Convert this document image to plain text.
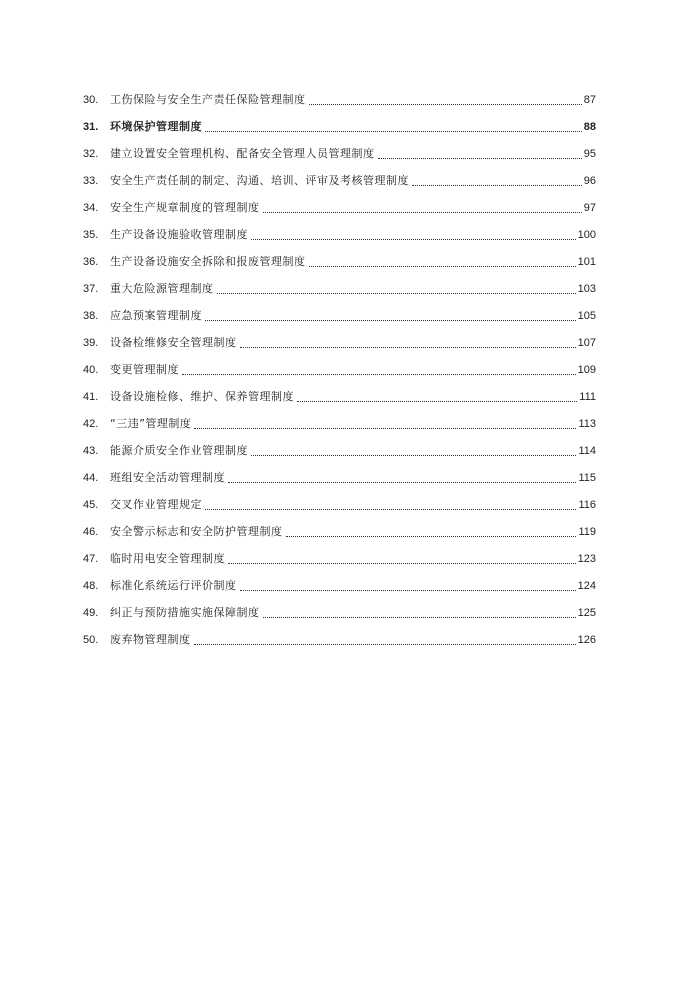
30.	工伤保险与安全生产责任保险管理制度	87
31.	环境保护管理制度	88
32.	建立设置安全管理机构、配备安全管理人员管理制度	95
33.	安全生产责任制的制定、沟通、培训、评审及考核管理制度	96
34.	安全生产规章制度的管理制度	97
35.	生产设备设施验收管理制度	100
36.	生产设备设施安全拆除和报废管理制度	101
37.	重大危险源管理制度	103
38.	应急预案管理制度	105
39.	设备检维修安全管理制度	107
40.	变更管理制度	109
41.	设备设施检修、维护、保养管理制度	111
42.	“三违”管理制度	113
43.	能源介质安全作业管理制度	114
44.	班组安全活动管理制度	115
45.	交叉作业管理规定	116
46.	安全警示标志和安全防护管理制度	119
47.	临时用电安全管理制度	123
48.	标准化系统运行评价制度	124
49.	纠正与预防措施实施保障制度	125
50.	废弃物管理制度	126
